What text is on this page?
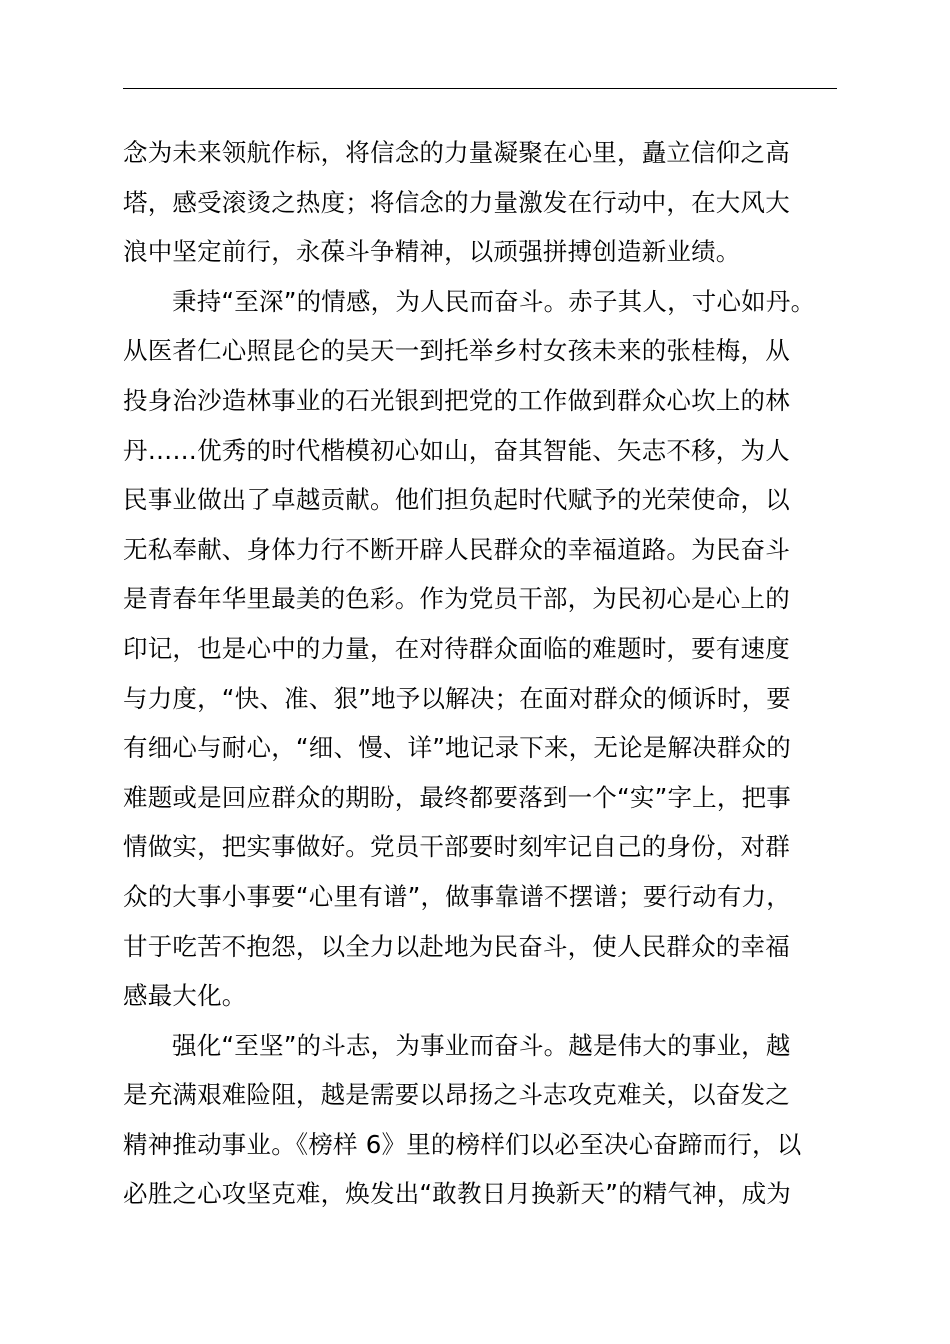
念为未来领航作标，将信念的力量凝聚在心里，矗立信仰之高
塔，感受滚烫之热度；将信念的力量激发在行动中，在大风大
浪中坚定前行，永葆斗争精神，以顽强拼搏创造新业绩。
秉持“至深”的情感，为人民而奋斗。赤子其人，寸心如丹。
从医者仁心照昆仑的吴天一到托举乡村女孩未来的张桂梅，从
投身治沙造林事业的石光银到把党的工作做到群众心坎上的林
丹……优秀的时代楷模初心如山，奋其智能、矢志不移，为人
民事业做出了卓越贡献。他们担负起时代赋予的光荣使命，以
无私奉献、身体力行不断开辟人民群众的幸福道路。为民奋斗
是青春年华里最美的色彩。作为党员干部，为民初心是心上的
印记，也是心中的力量，在对待群众面临的难题时，要有速度
与力度，“快、准、狠”地予以解决；在面对群众的倾诉时，要
有细心与耐心，“细、慢、详”地记录下来，无论是解决群众的
难题或是回应群众的期盼，最终都要落到一个“实”字上，把事
情做实，把实事做好。党员干部要时刻牢记自己的身份，对群
众的大事小事要“心里有谱”，做事靠谱不摆谱；要行动有力，
甘于吃苦不抱怨，以全力以赴地为民奋斗，使人民群众的幸福
感最大化。
强化“至坚”的斗志，为事业而奋斗。越是伟大的事业，越
是充满艰难险阻，越是需要以昂扬之斗志攻克难关，以奋发之
精神推动事业。《榜样 6》里的榜样们以必至决心奋蹄而行，以
必胜之心攻坚克难，焕发出“敢教日月换新天”的精气神，成为
